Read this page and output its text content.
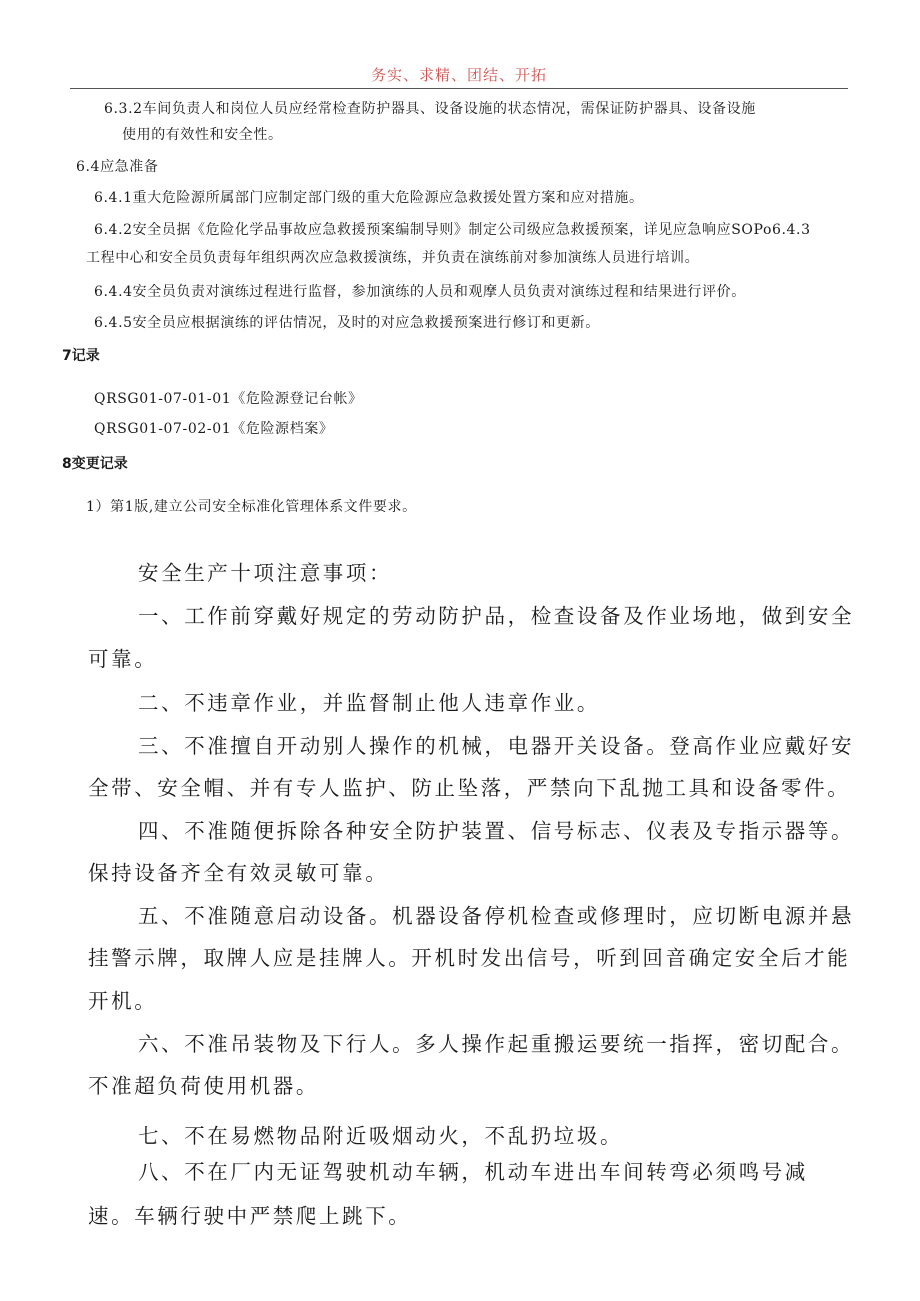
务实、求精、团结、开拓
6.3.2车间负责人和岗位人员应经常检查防护器具、设备设施的状态情况，需保证防护器具、设备设施
使用的有效性和安全性。
6.4应急准备
6.4.1重大危险源所属部门应制定部门级的重大危险源应急救援处置方案和应对措施。
6.4.2安全员据《危险化学品事故应急救援预案编制导则》制定公司级应急救援预案，详见应急响应SOPo6.4.3
工程中心和安全员负责每年组织两次应急救援演练，并负责在演练前对参加演练人员进行培训。
6.4.4安全员负责对演练过程进行监督，参加演练的人员和观摩人员负责对演练过程和结果进行评价。
6.4.5安全员应根据演练的评估情况，及时的对应急救援预案进行修订和更新。
7记录
QRSG01-07-01-01《危险源登记台帐》
QRSG01-07-02-01《危险源档案》
8变更记录
1）第1版,建立公司安全标准化管理体系文件要求。
安全生产十项注意事项：
一、工作前穿戴好规定的劳动防护品，检查设备及作业场地，做到安全
可靠。
二、不违章作业，并监督制止他人违章作业。
三、不准擅自开动别人操作的机械，电器开关设备。登高作业应戴好安
全带、安全帽、并有专人监护、防止坠落，严禁向下乱抛工具和设备零件。
四、不准随便拆除各种安全防护装置、信号标志、仪表及专指示器等。
保持设备齐全有效灵敏可靠。
五、不准随意启动设备。机器设备停机检查或修理时，应切断电源并悬
挂警示牌，取牌人应是挂牌人。开机时发出信号，听到回音确定安全后才能
开机。
六、不准吊装物及下行人。多人操作起重搬运要统一指挥，密切配合。
不准超负荷使用机器。
七、不在易燃物品附近吸烟动火，不乱扔垃圾。
八、不在厂内无证驾驶机动车辆，机动车进出车间转弯必须鸣号减
速。车辆行驶中严禁爬上跳下。
